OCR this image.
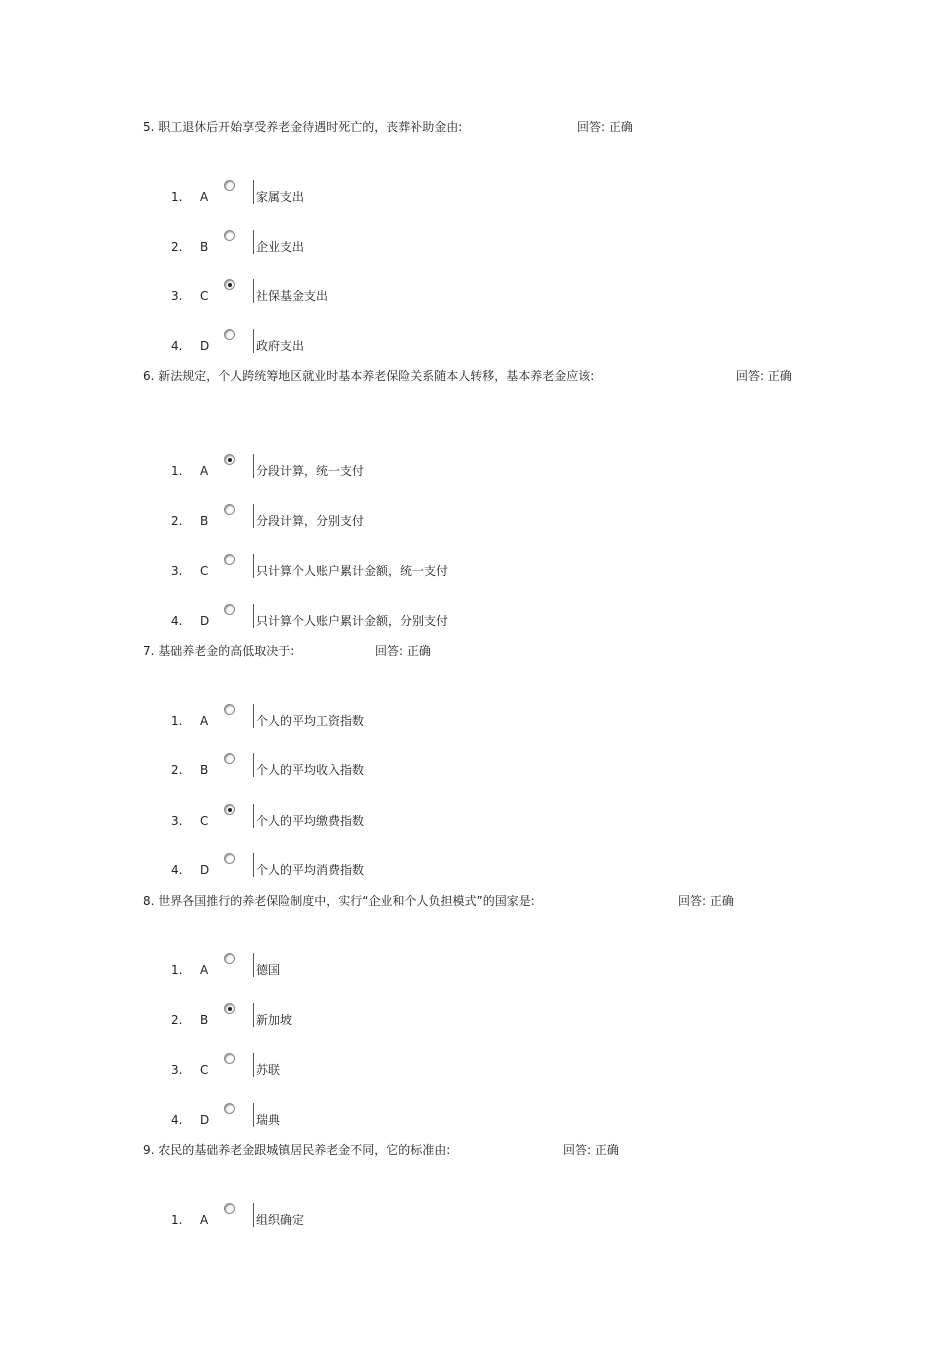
5. 职工退休后开始享受养老金待遇时死亡的，丧葬补助金由:	回答: 正确
1. A	家属支出
2. B	企业支出
3. C	社保基金支出
4. D	政府支出
6. 新法规定，个人跨统筹地区就业时基本养老保险关系随本人转移，基本养老金应该:	回答: 正确
1. A	分段计算，统一支付
2. B	分段计算，分别支付
3. C	只计算个人账户累计金额，统一支付
4. D	只计算个人账户累计金额，分别支付
7. 基础养老金的高低取决于:	回答: 正确
1. A	个人的平均工资指数
2. B	个人的平均收入指数
3. C	个人的平均缴费指数
4. D	个人的平均消费指数
8. 世界各国推行的养老保险制度中，实行“企业和个人负担模式”的国家是:	回答: 正确
1. A	德国
2. B	新加坡
3. C	苏联
4. D	瑞典
9. 农民的基础养老金跟城镇居民养老金不同，它的标准由:	回答: 正确
1. A	组织确定
